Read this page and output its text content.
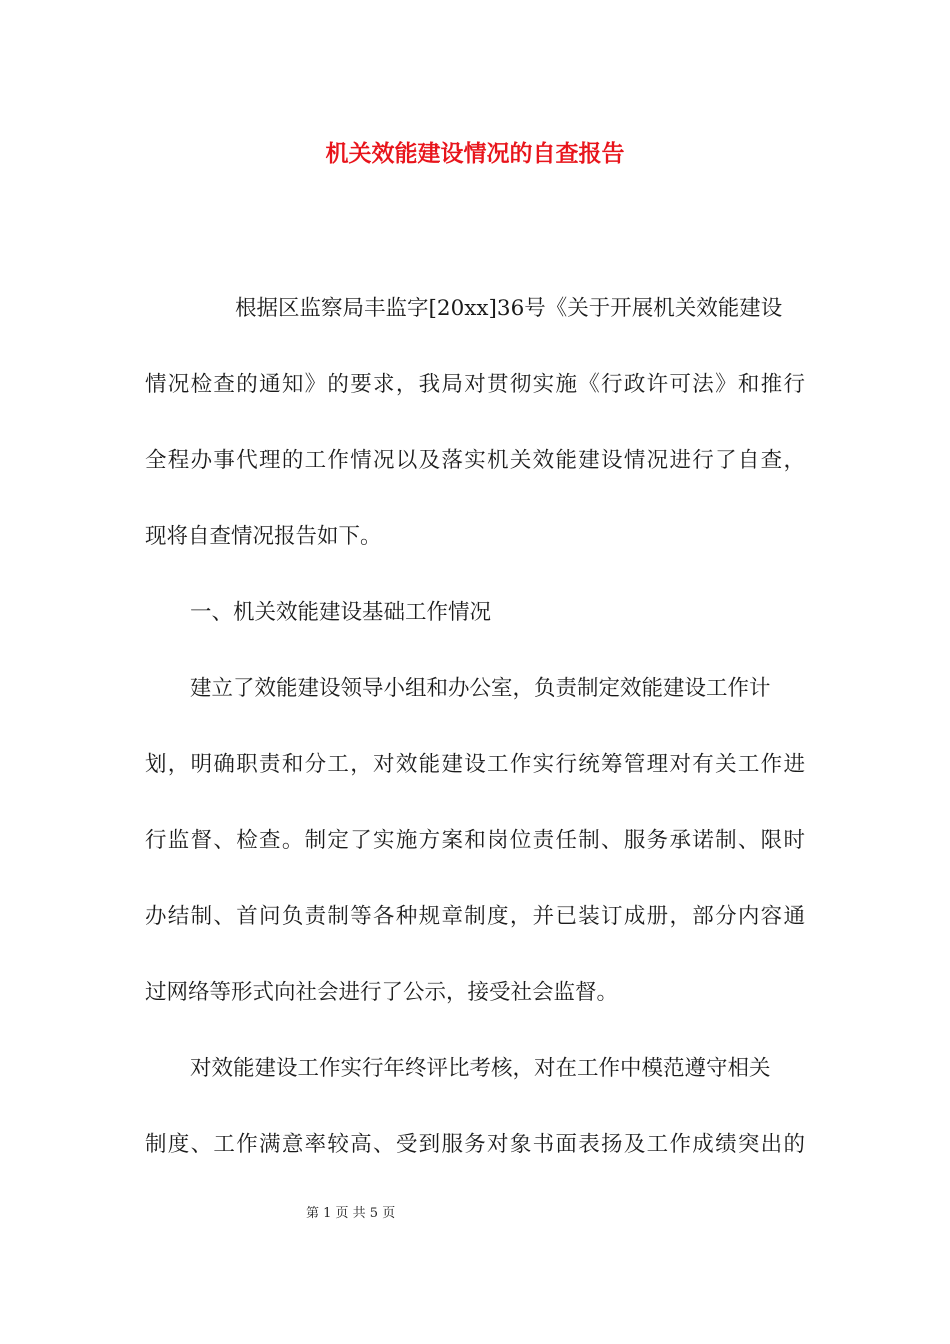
机关效能建设情况的自查报告
根据区监察局丰监字[20xx]36号《关于开展机关效能建设
情况检查的通知》的要求，我局对贯彻实施《行政许可法》和推行
全程办事代理的工作情况以及落实机关效能建设情况进行了自查，
现将自查情况报告如下。
一、机关效能建设基础工作情况
建立了效能建设领导小组和办公室，负责制定效能建设工作计
划，明确职责和分工，对效能建设工作实行统筹管理对有关工作进
行监督、检查。制定了实施方案和岗位责任制、服务承诺制、限时
办结制、首问负责制等各种规章制度，并已装订成册，部分内容通
过网络等形式向社会进行了公示，接受社会监督。
对效能建设工作实行年终评比考核，对在工作中模范遵守相关
制度、工作满意率较高、受到服务对象书面表扬及工作成绩突出的
第 1 页 共 5 页
